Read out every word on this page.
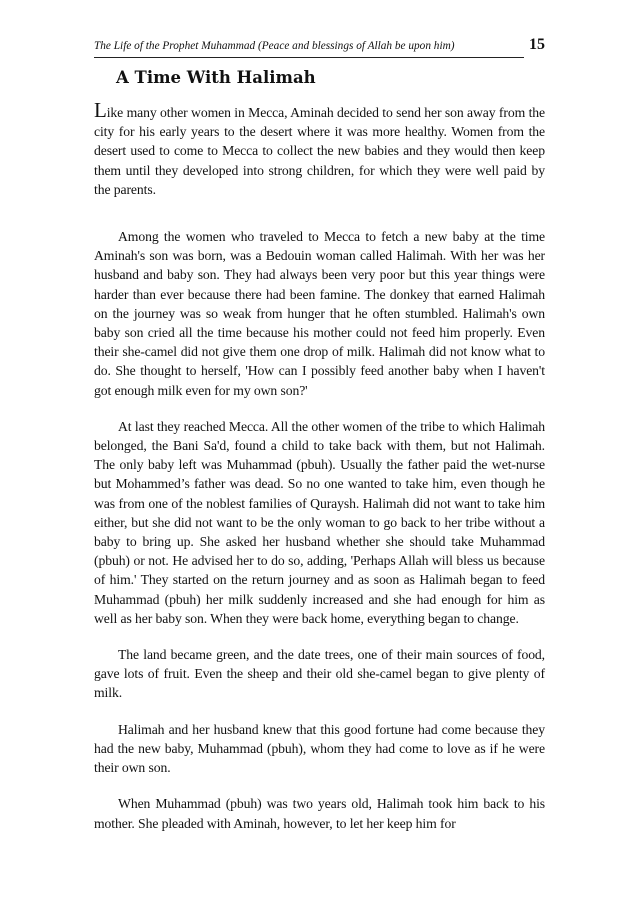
The Life of the Prophet Muhammad (Peace and blessings of Allah be upon him)	15
A Time With Halimah

Like many other women in Mecca, Aminah decided to send her son away from the city for his early years to the desert where it was more healthy. Women from the desert used to come to Mecca to collect the new babies and they would then keep them until they developed into strong children, for which they were well paid by the parents.

Among the women who traveled to Mecca to fetch a new baby at the time Aminah's son was born, was a Bedouin woman called Halimah. With her was her husband and baby son. They had always been very poor but this year things were harder than ever because there had been famine. The donkey that earned Halimah on the journey was so weak from hunger that he often stumbled. Halimah's own baby son cried all the time because his mother could not feed him properly. Even their she-camel did not give them one drop of milk. Halimah did not know what to do. She thought to herself, 'How can I possibly feed another baby when I haven't got enough milk even for my own son?'

At last they reached Mecca. All the other women of the tribe to which Halimah belonged, the Bani Sa'd, found a child to take back with them, but not Halimah. The only baby left was Muhammad (pbuh). Usually the father paid the wet-nurse but Mohammed’s father was dead. So no one wanted to take him, even though he was from one of the noblest families of Quraysh. Halimah did not want to take him either, but she did not want to be the only woman to go back to her tribe without a baby to bring up. She asked her husband whether she should take Muhammad (pbuh) or not. He advised her to do so, adding, 'Perhaps Allah will bless us because of him.' They started on the return journey and as soon as Halimah began to feed Muhammad (pbuh) her milk suddenly increased and she had enough for him as well as her baby son. When they were back home, everything began to change.

The land became green, and the date trees, one of their main sources of food, gave lots of fruit. Even the sheep and their old she-camel began to give plenty of milk.

Halimah and her husband knew that this good fortune had come because they had the new baby, Muhammad (pbuh), whom they had come to love as if he were their own son.

When Muhammad (pbuh) was two years old, Halimah took him back to his mother. She pleaded with Aminah, however, to let her keep him for
